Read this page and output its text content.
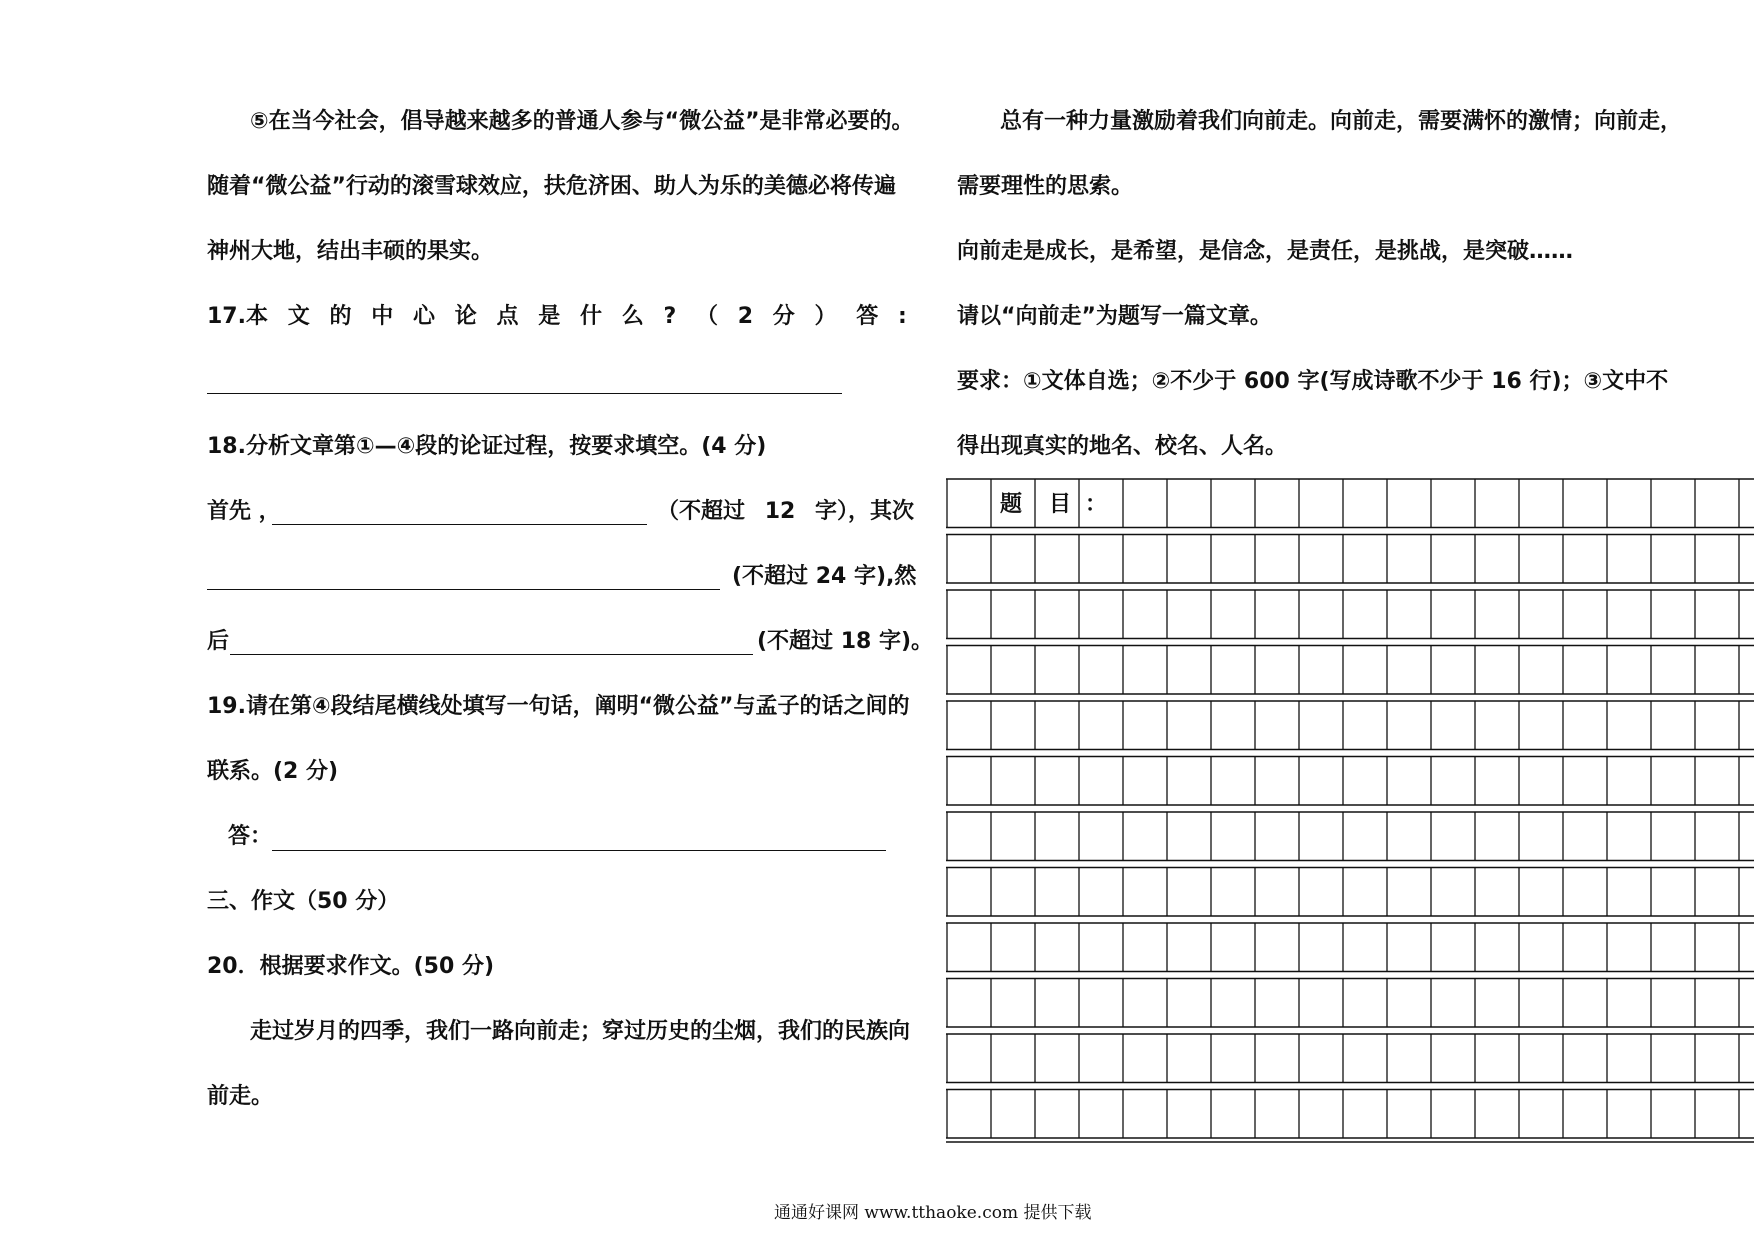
⑤在当今社会，倡导越来越多的普通人参与“微公益”是非常必要的。
随着“微公益”行动的滚雪球效应，扶危济困、助人为乐的美德必将传遍
神州大地，结出丰硕的果实。
17.本 文 的 中 心 论 点 是 什 么 ? （ 2 分 ） 答 :
18.分析文章第①—④段的论证过程，按要求填空。(4 分)
首先 ，	（不超过 12 字），其次
(不超过 24 字),然
后	(不超过 18 字)。
19.请在第④段结尾横线处填写一句话，阐明“微公益”与孟子的话之间的
联系。(2 分)
答：
三、作文（50 分）
20．根据要求作文。(50 分)
走过岁月的四季，我们一路向前走；穿过历史的尘烟，我们的民族向
前走。
总有一种力量激励着我们向前走。向前走，需要满怀的激情；向前走，
需要理性的思索。
向前走是成长，是希望，是信念，是责任，是挑战，是突破……
请以“向前走”为题写一篇文章。
要求：①文体自选；②不少于 600 字(写成诗歌不少于 16 行)；③文中不
得出现真实的地名、校名、人名。
题 目 ：
通通好课网 www.tthaoke.com 提供下载
